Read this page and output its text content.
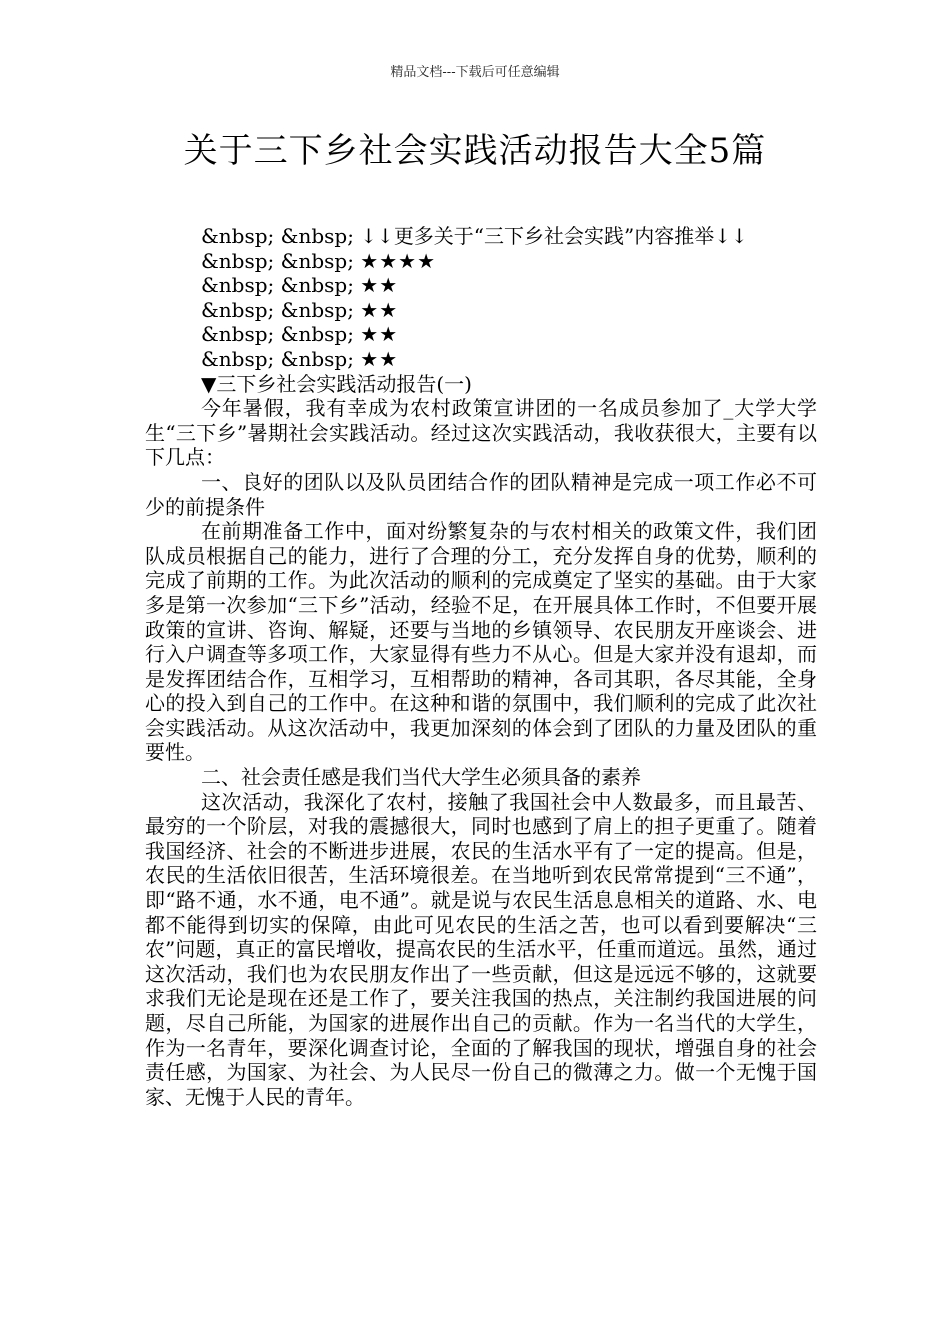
精品文档---下载后可任意编辑
关于三下乡社会实践活动报告大全5篇
&nbsp; &nbsp; ↓↓更多关于“三下乡社会实践”内容推举↓↓
&nbsp; &nbsp; ★★★★
&nbsp; &nbsp; ★★
&nbsp; &nbsp; ★★
&nbsp; &nbsp; ★★
&nbsp; &nbsp; ★★
▼三下乡社会实践活动报告(一)

今年暑假，我有幸成为农村政策宣讲团的一名成员参加了_大学大学生“三下乡”暑期社会实践活动。经过这次实践活动，我收获很大，主要有以下几点：

一、良好的团队以及队员团结合作的团队精神是完成一项工作必不可少的前提条件

在前期准备工作中，面对纷繁复杂的与农村相关的政策文件，我们团队成员根据自己的能力，进行了合理的分工，充分发挥自身的优势，顺利的完成了前期的工作。为此次活动的顺利的完成奠定了坚实的基础。由于大家多是第一次参加“三下乡”活动，经验不足，在开展具体工作时，不但要开展政策的宣讲、咨询、解疑，还要与当地的乡镇领导、农民朋友开座谈会、进行入户调查等多项工作，大家显得有些力不从心。但是大家并没有退却，而是发挥团结合作，互相学习，互相帮助的精神，各司其职，各尽其能，全身心的投入到自己的工作中。在这种和谐的氛围中，我们顺利的完成了此次社会实践活动。从这次活动中，我更加深刻的体会到了团队的力量及团队的重要性。

二、社会责任感是我们当代大学生必须具备的素养

这次活动，我深化了农村，接触了我国社会中人数最多，而且最苦、最穷的一个阶层，对我的震撼很大，同时也感到了肩上的担子更重了。随着我国经济、社会的不断进步进展，农民的生活水平有了一定的提高。但是，农民的生活依旧很苦，生活环境很差。在当地听到农民常常提到“三不通”，即“路不通，水不通，电不通”。就是说与农民生活息息相关的道路、水、电都不能得到切实的保障，由此可见农民的生活之苦，也可以看到要解决“三农”问题，真正的富民增收，提高农民的生活水平，任重而道远。虽然，通过这次活动，我们也为农民朋友作出了一些贡献，但这是远远不够的，这就要求我们无论是现在还是工作了，要关注我国的热点，关注制约我国进展的问题，尽自己所能，为国家的进展作出自己的贡献。作为一名当代的大学生，作为一名青年，要深化调查讨论，全面的了解我国的现状，增强自身的社会责任感，为国家、为社会、为人民尽一份自己的微薄之力。做一个无愧于国家、无愧于人民的青年。
